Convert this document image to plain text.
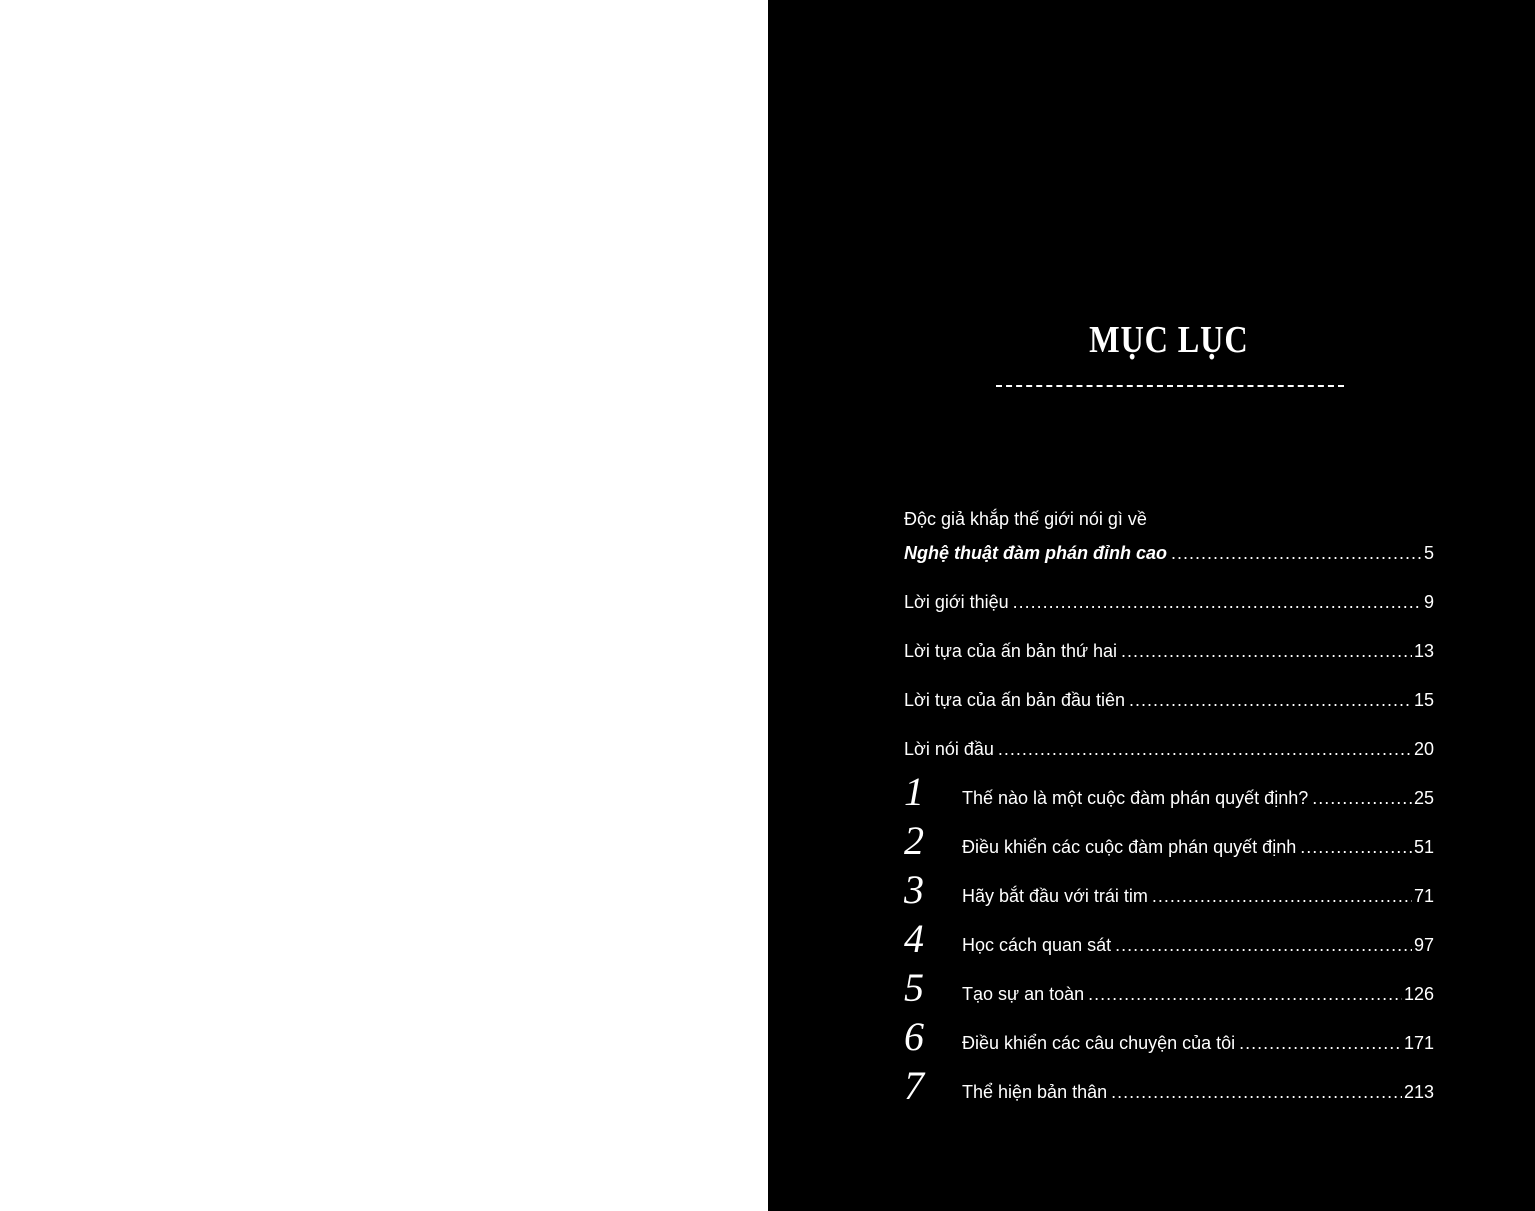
MỤC LỤC
Độc giả khắp thế giới nói gì về
Nghệ thuật đàm phán đỉnh cao .....	5
Lời giới thiệu .....	9
Lời tựa của ấn bản thứ hai .....	13
Lời tựa của ấn bản đầu tiên .....	15
Lời nói đầu .....	20
1	Thế nào là một cuộc đàm phán quyết định? .....	25
2	Điều khiển các cuộc đàm phán quyết định .....	51
3	Hãy bắt đầu với trái tim .....	71
4	Học cách quan sát .....	97
5	Tạo sự an toàn .....	126
6	Điều khiển các câu chuyện của tôi .....	171
7	Thể hiện bản thân .....	213
